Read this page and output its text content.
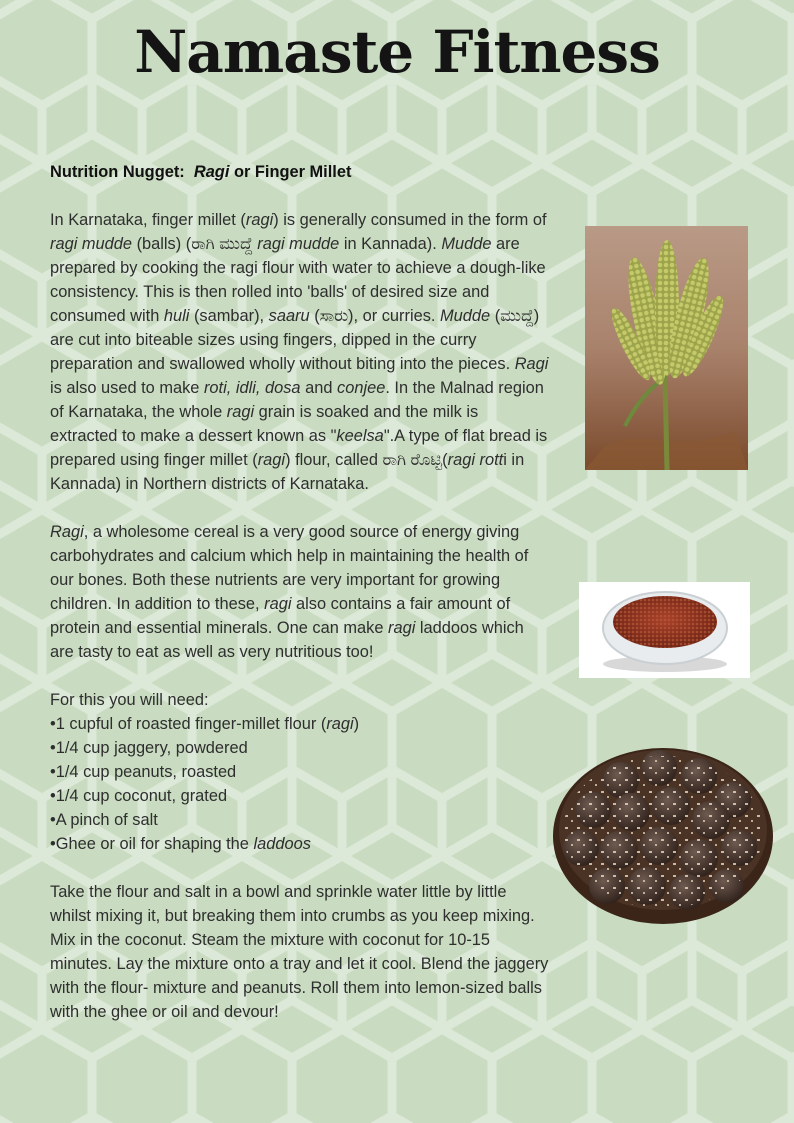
Namaste Fitness
Nutrition Nugget: Ragi or Finger Millet

In Karnataka, finger millet (ragi) is generally consumed in the form of ragi mudde (balls) (ರಾಗಿ ಮುದ್ದೆ ragi mudde in Kannada). Mudde are prepared by cooking the ragi flour with water to achieve a dough-like consistency. This is then rolled into 'balls' of desired size and consumed with huli (sambar), saaru (ಸಾರು), or curries. Mudde (ಮುದ್ದೆ) are cut into biteable sizes using fingers, dipped in the curry preparation and swallowed wholly without biting into the pieces. Ragi is also used to make roti, idli, dosa and conjee. In the Malnad region of Karnataka, the whole ragi grain is soaked and the milk is extracted to make a dessert known as "keelsa".A type of flat bread is prepared using finger millet (ragi) flour, called ರಾಗಿ ರೊಟ್ಟಿ(ragi rotti in Kannada) in Northern districts of Karnataka.

Ragi, a wholesome cereal is a very good source of energy giving carbohydrates and calcium which help in maintaining the health of our bones. Both these nutrients are very important for growing children. In addition to these, ragi also contains a fair amount of protein and essential minerals. One can make ragi laddoos which are tasty to eat as well as very nutritious too!

For this you will need:
• 1 cupful of roasted finger-millet flour (ragi)
• 1/4 cup jaggery, powdered
• 1/4 cup peanuts, roasted
• 1/4 cup coconut, grated
• A pinch of salt
• Ghee or oil for shaping the laddoos

Take the flour and salt in a bowl and sprinkle water little by little whilst mixing it, but breaking them into crumbs as you keep mixing. Mix in the coconut. Steam the mixture with coconut for 10-15 minutes. Lay the mixture onto a tray and let it cool. Blend the jaggery with the flour- mixture and peanuts. Roll them into lemon-sized balls with the ghee or oil and devour!
